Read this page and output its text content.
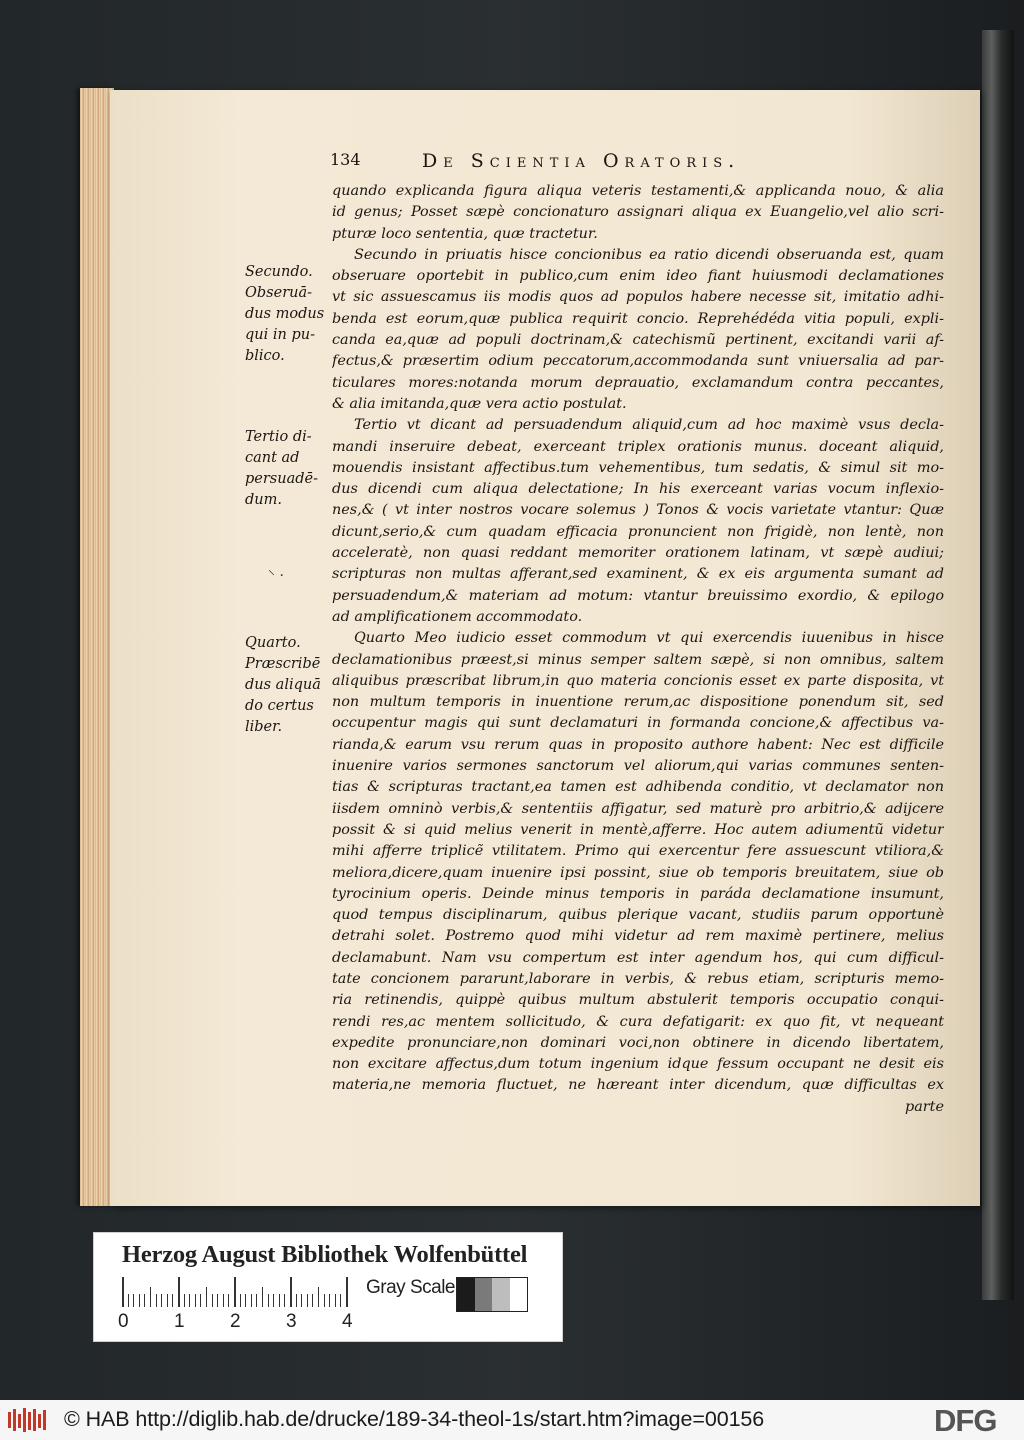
134	De Scientia Oratoris.
quando explicanda figura aliqua veteris testamenti,& applicanda nouo, & alia
id genus; Posset sæpè concionaturo assignari aliqua ex Euangelio,vel alio scri-
pturæ loco sententia, quæ tractetur.
Secundo in priuatis hisce concionibus ea ratio dicendi obseruanda est, quam
obseruare oportebit in publico,cum enim ideo fiant huiusmodi declamationes
vt sic assuescamus iis modis quos ad populos habere necesse sit, imitatio adhi-
benda est eorum,quæ publica requirit concio. Reprehédéda vitia populi, expli-
canda ea,quæ ad populi doctrinam,& catechismũ pertinent, excitandi varii af-
fectus,& præsertim odium peccatorum,accommodanda sunt vniuersalia ad par-
ticulares mores:notanda morum deprauatio, exclamandum contra peccantes,
& alia imitanda,quæ vera actio postulat.
Tertio vt dicant ad persuadendum aliquid,cum ad hoc maximè vsus decla-
mandi inseruire debeat, exerceant triplex orationis munus. doceant aliquid,
mouendis insistant affectibus.tum vehementibus, tum sedatis, & simul sit mo-
dus dicendi cum aliqua delectatione; In his exerceant varias vocum inflexio-
nes,& ( vt inter nostros vocare solemus ) Tonos & vocis varietate vtantur: Quæ
dicunt,serio,& cum quadam efficacia pronuncient non frigidè, non lentè, non
acceleratè, non quasi reddant memoriter orationem latinam, vt sæpè audiui;
scripturas non multas afferant,sed examinent, & ex eis argumenta sumant ad
persuadendum,& materiam ad motum: vtantur breuissimo exordio, & epilogo
ad amplificationem accommodato.
Quarto Meo iudicio esset commodum vt qui exercendis iuuenibus in hisce
declamationibus præest,si minus semper saltem sæpè, si non omnibus, saltem
aliquibus præscribat librum,in quo materia concionis esset ex parte disposita, vt
non multum temporis in inuentione rerum,ac dispositione ponendum sit, sed
occupentur magis qui sunt declamaturi in formanda concione,& affectibus va-
rianda,& earum vsu rerum quas in proposito authore habent: Nec est difficile
inuenire varios sermones sanctorum vel aliorum,qui varias communes senten-
tias & scripturas tractant,ea tamen est adhibenda conditio, vt declamator non
iisdem omninò verbis,& sententiis affigatur, sed maturè pro arbitrio,& adijcere
possit & si quid melius venerit in mentè,afferre. Hoc autem adiumentũ videtur
mihi afferre triplicẽ vtilitatem. Primo qui exercentur fere assuescunt vtiliora,&
meliora,dicere,quam inuenire ipsi possint, siue ob temporis breuitatem, siue ob
tyrocinium operis. Deinde minus temporis in paráda declamatione insumunt,
quod tempus disciplinarum, quibus plerique vacant, studiis parum opportunè
detrahi solet. Postremo quod mihi videtur ad rem maximè pertinere, melius
declamabunt. Nam vsu compertum est inter agendum hos, qui cum difficul-
tate concionem pararunt,laborare in verbis, & rebus etiam, scripturis memo-
ria retinendis, quippè quibus multum abstulerit temporis occupatio conqui-
rendi res,ac mentem sollicitudo, & cura defatigarit: ex quo fit, vt nequeant
expedite pronunciare,non dominari voci,non obtinere in dicendo libertatem,
non excitare affectus,dum totum ingenium idque fessum occupant ne desit eis
materia,ne memoria fluctuet, ne hæreant inter dicendum, quæ difficultas ex
parte
Secundo.
Obseruā-
dus modus
qui in pu-
blico.
Tertio di-
cant ad
persuadē-
dum.
Quarto.
Præscribē
dus aliquā
do certus
liber.
⸌ ·
Herzog August Bibliothek Wolfenbüttel
0 1 2 3 4
Gray Scale
© HAB http://diglib.hab.de/drucke/189-34-theol-1s/start.htm?image=00156	DFG
